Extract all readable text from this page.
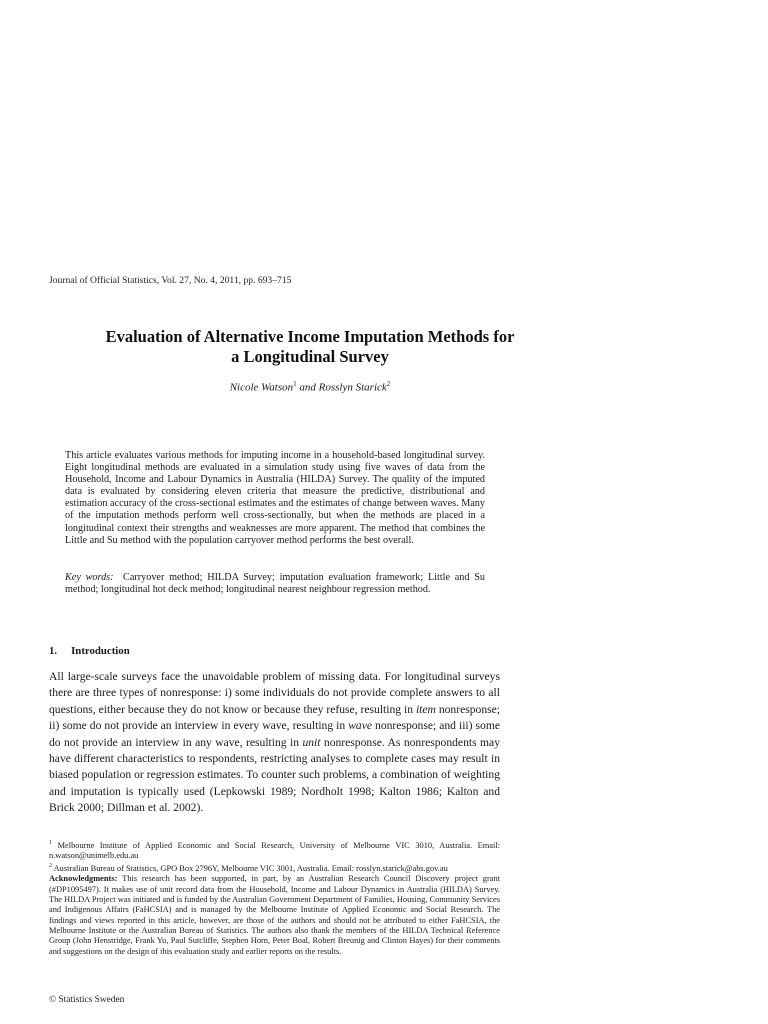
Journal of Official Statistics, Vol. 27, No. 4, 2011, pp. 693–715
Evaluation of Alternative Income Imputation Methods for
a Longitudinal Survey
Nicole Watson$^1$ and Rosslyn Starick$^2$
This article evaluates various methods for imputing income in a household-based longitudinal survey. Eight longitudinal methods are evaluated in a simulation study using five waves of data from the Household, Income and Labour Dynamics in Australia (HILDA) Survey. The quality of the imputed data is evaluated by considering eleven criteria that measure the predictive, distributional and estimation accuracy of the cross-sectional estimates and the estimates of change between waves. Many of the imputation methods perform well cross-sectionally, but when the methods are placed in a longitudinal context their strengths and weaknesses are more apparent. The method that combines the Little and Su method with the population carryover method performs the best overall.
Key words: Carryover method; HILDA Survey; imputation evaluation framework; Little and Su method; longitudinal hot deck method; longitudinal nearest neighbour regression method.
1. Introduction
All large-scale surveys face the unavoidable problem of missing data. For longitudinal surveys there are three types of nonresponse: i) some individuals do not provide complete answers to all questions, either because they do not know or because they refuse, resulting in item nonresponse; ii) some do not provide an interview in every wave, resulting in wave nonresponse; and iii) some do not provide an interview in any wave, resulting in unit nonresponse. As nonrespondents may have different characteristics to respondents, restricting analyses to complete cases may result in biased population or regression estimates. To counter such problems, a combination of weighting and imputation is typically used (Lepkowski 1989; Nordholt 1998; Kalton 1986; Kalton and Brick 2000; Dillman et al. 2002).

$^1$ Melbourne Institute of Applied Economic and Social Research, University of Melbourne VIC 3010, Australia. Email: n.watson@unimelb.edu.au

$^2$ Australian Bureau of Statistics, GPO Box 2796Y, Melbourne VIC 3001, Australia. Email: rosslyn.starick@abs.gov.au

Acknowledgments: This research has been supported, in part, by an Australian Research Council Discovery project grant (#DP1095497). It makes use of unit record data from the Household, Income and Labour Dynamics in Australia (HILDA) Survey. The HILDA Project was initiated and is funded by the Australian Government Department of Families, Housing, Community Services and Indigenous Affairs (FaHCSIA) and is managed by the Melbourne Institute of Applied Economic and Social Research. The findings and views reported in this article, however, are those of the authors and should not be attributed to either FaHCSIA, the Melbourne Institute or the Australian Bureau of Statistics. The authors also thank the members of the HILDA Technical Reference Group (John Henstridge, Frank Yu, Paul Sutcliffe, Stephen Horn, Peter Boal, Robert Breunig and Clinton Hayes) for their comments and suggestions on the design of this evaluation study and earlier reports on the results.

© Statistics Sweden
